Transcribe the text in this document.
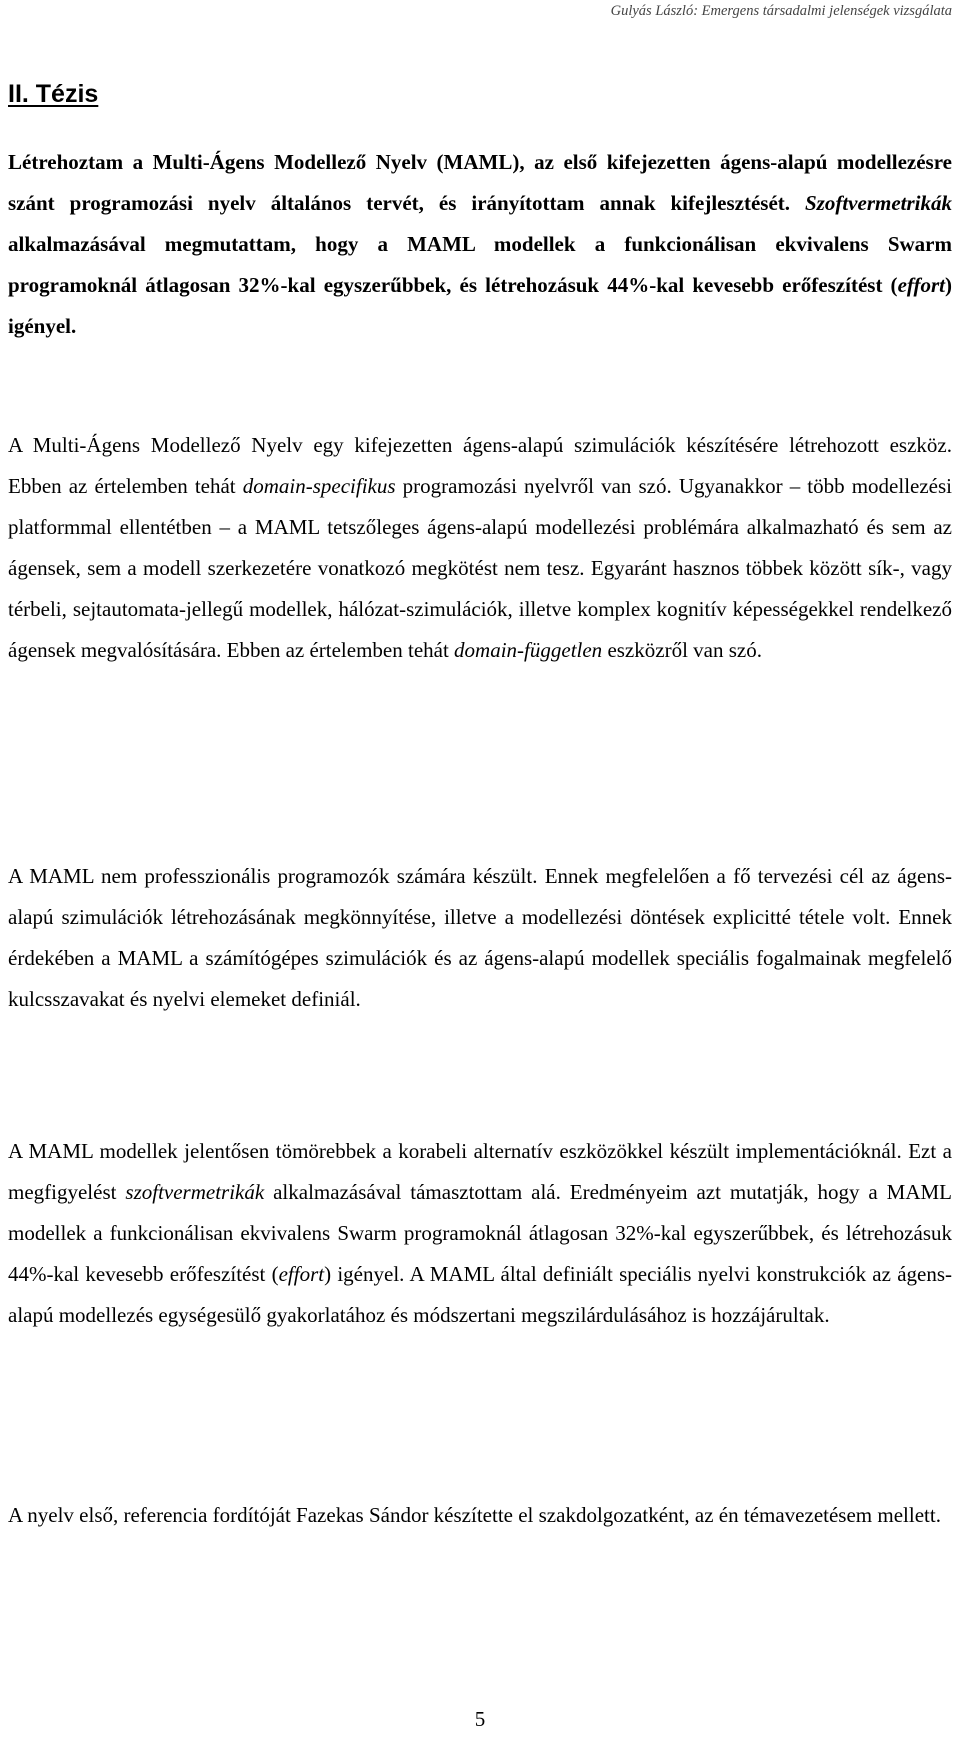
Gulyás László: Emergens társadalmi jelenségek vizsgálata
II. Tézis

Létrehoztam a Multi-Ágens Modellező Nyelv (MAML), az első kifejezetten ágens-alapú modellezésre szánt programozási nyelv általános tervét, és irányítottam annak kifejlesztését. Szoftvermetrikák alkalmazásával megmutattam, hogy a MAML modellek a funkcionálisan ekvivalens Swarm programoknál átlagosan 32%-kal egyszerűbbek, és létrehozásuk 44%-kal kevesebb erőfeszítést (effort) igényel.

A Multi-Ágens Modellező Nyelv egy kifejezetten ágens-alapú szimulációk készítésére létrehozott eszköz. Ebben az értelemben tehát domain-specifikus programozási nyelvről van szó. Ugyanakkor – több modellezési platformmal ellentétben – a MAML tetszőleges ágens-alapú modellezési problémára alkalmazható és sem az ágensek, sem a modell szerkezetére vonatkozó megkötést nem tesz. Egyaránt hasznos többek között sík-, vagy térbeli, sejtautomata-jellegű modellek, hálózat-szimulációk, illetve komplex kognitív képességekkel rendelkező ágensek megvalósítására. Ebben az értelemben tehát domain-független eszközről van szó.

A MAML nem professzionális programozók számára készült. Ennek megfelelően a fő tervezési cél az ágens-alapú szimulációk létrehozásának megkönnyítése, illetve a modellezési döntések explicitté tétele volt. Ennek érdekében a MAML a számítógépes szimulációk és az ágens-alapú modellek speciális fogalmainak megfelelő kulcsszavakat és nyelvi elemeket definiál.

A MAML modellek jelentősen tömörebbek a korabeli alternatív eszközökkel készült implementációknál. Ezt a megfigyelést szoftvermetrikák alkalmazásával támasztottam alá. Eredményeim azt mutatják, hogy a MAML modellek a funkcionálisan ekvivalens Swarm programoknál átlagosan 32%-kal egyszerűbbek, és létrehozásuk 44%-kal kevesebb erőfeszítést (effort) igényel. A MAML által definiált speciális nyelvi konstrukciók az ágens-alapú modellezés egységesülő gyakorlatához és módszertani megszilárdulásához is hozzájárultak.

A nyelv első, referencia fordítóját Fazekas Sándor készítette el szakdolgozatként, az én témavezetésem mellett.

5
